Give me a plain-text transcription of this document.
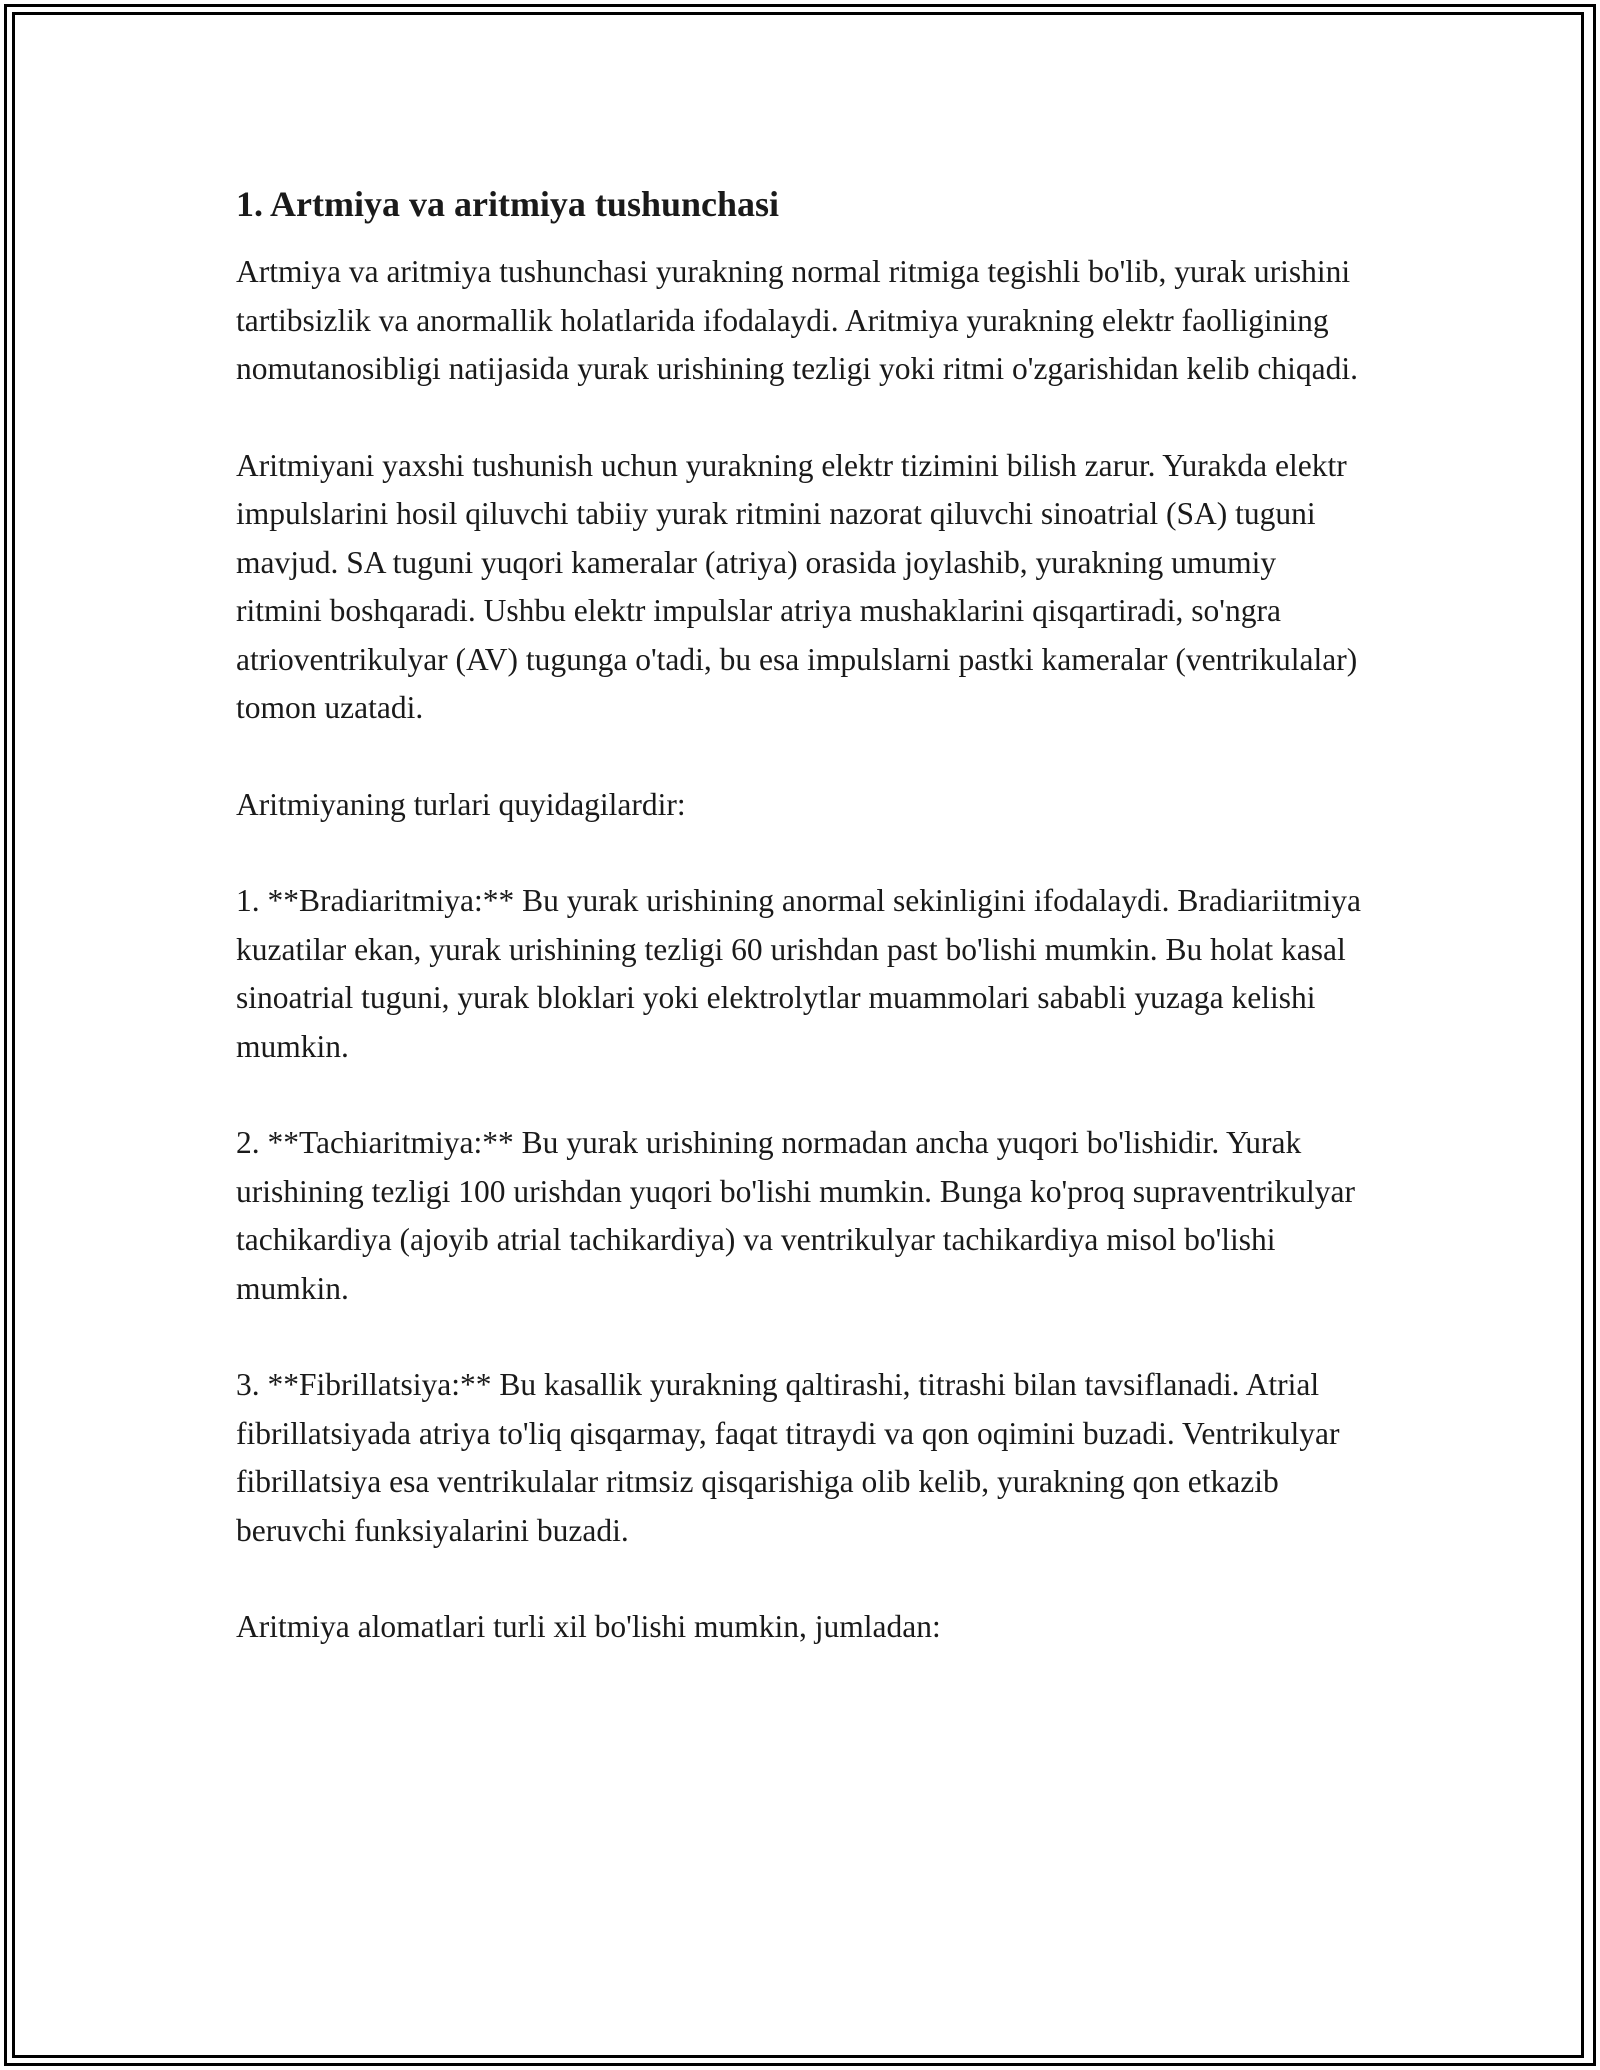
1. Artmiya va aritmiya tushunchasi

Artmiya va aritmiya tushunchasi yurakning normal ritmiga tegishli bo'lib, yurak urishini tartibsizlik va anormallik holatlarida ifodalaydi. Aritmiya yurakning elektr faolligining nomutanosibligi natijasida yurak urishining tezligi yoki ritmi o'zgarishidan kelib chiqadi.

Aritmiyani yaxshi tushunish uchun yurakning elektr tizimini bilish zarur. Yurakda elektr impulslarini hosil qiluvchi tabiiy yurak ritmini nazorat qiluvchi sinoatrial (SA) tuguni mavjud. SA tuguni yuqori kameralar (atriya) orasida joylashib, yurakning umumiy ritmini boshqaradi. Ushbu elektr impulslar atriya mushaklarini qisqartiradi, so'ngra atrioventrikulyar (AV) tugunga o'tadi, bu esa impulslarni pastki kameralar (ventrikulalar) tomon uzatadi.

Aritmiyaning turlari quyidagilardir:

1. **Bradiaritmiya:** Bu yurak urishining anormal sekinligini ifodalaydi. Bradiariitmiya kuzatilar ekan, yurak urishining tezligi 60 urishdan past bo'lishi mumkin. Bu holat kasal sinoatrial tuguni, yurak bloklari yoki elektrolytlar muammolari sababli yuzaga kelishi mumkin.

2. **Tachiaritmiya:** Bu yurak urishining normadan ancha yuqori bo'lishidir. Yurak urishining tezligi 100 urishdan yuqori bo'lishi mumkin. Bunga ko'proq supraventrikulyar tachikardiya (ajoyib atrial tachikardiya) va ventrikulyar tachikardiya misol bo'lishi mumkin.

3. **Fibrillatsiya:** Bu kasallik yurakning qaltirashi, titrashi bilan tavsiflanadi. Atrial fibrillatsiyada atriya to'liq qisqarmay, faqat titraydi va qon oqimini buzadi. Ventrikulyar fibrillatsiya esa ventrikulalar ritmsiz qisqarishiga olib kelib, yurakning qon etkazib beruvchi funksiyalarini buzadi.

Aritmiya alomatlari turli xil bo'lishi mumkin, jumladan:
